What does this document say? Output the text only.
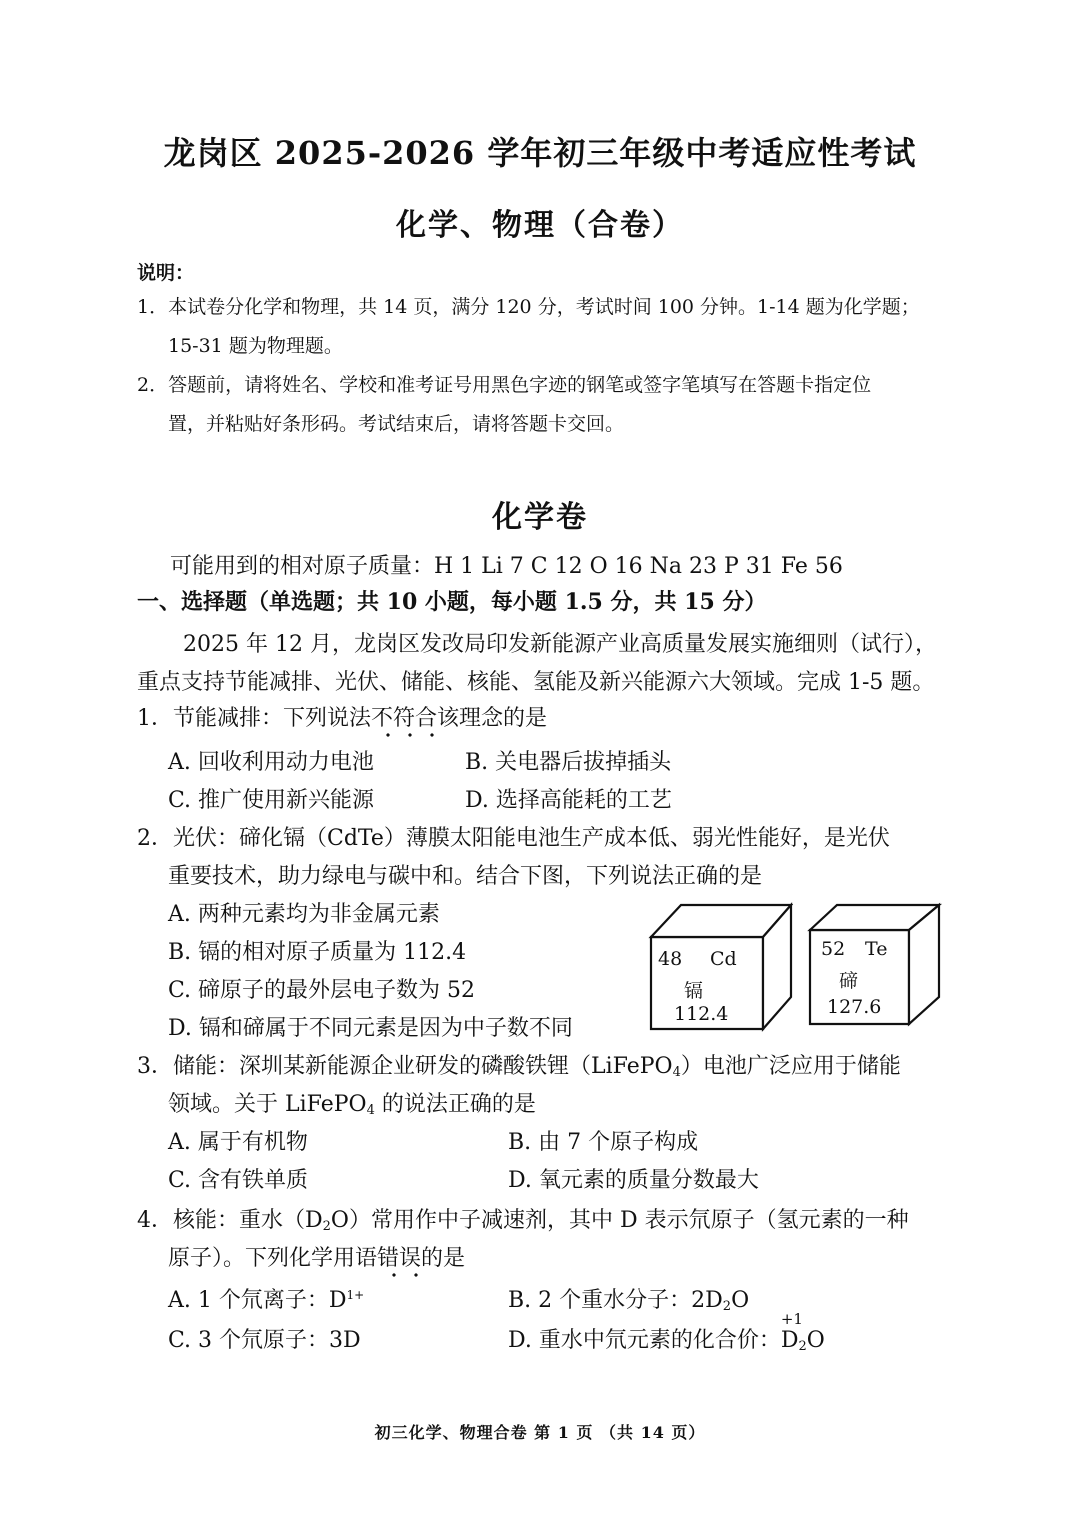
龙岗区 2025-2026 学年初三年级中考适应性考试
化学、物理（合卷）
说明：
1．本试卷分化学和物理，共 14 页，满分 120 分，考试时间 100 分钟。1-14 题为化学题；
15-31 题为物理题。
2．答题前，请将姓名、学校和准考证号用黑色字迹的钢笔或签字笔填写在答题卡指定位
置，并粘贴好条形码。考试结束后，请将答题卡交回。
化学卷
可能用到的相对原子质量：H 1 Li 7 C 12 O 16 Na 23 P 31 Fe 56
一、选择题（单选题；共 10 小题，每小题 1.5 分，共 15 分）
2025 年 12 月，龙岗区发改局印发新能源产业高质量发展实施细则（试行），
重点支持节能减排、光伏、储能、核能、氢能及新兴能源六大领域。完成 1-5 题。
1．节能减排：下列说法不符合该理念的是
A. 回收利用动力电池	B. 关电器后拔掉插头
C. 推广使用新兴能源	D. 选择高能耗的工艺
2．光伏：碲化镉（CdTe）薄膜太阳能电池生产成本低、弱光性能好，是光伏
重要技术，助力绿电与碳中和。结合下图，下列说法正确的是
A. 两种元素均为非金属元素
B. 镉的相对原子质量为 112.4
C. 碲原子的最外层电子数为 52
D. 镉和碲属于不同元素是因为中子数不同
48 Cd
镉
112.4
52 Te
碲
127.6
3．储能：深圳某新能源企业研发的磷酸铁锂（LiFePO$_4$）电池广泛应用于储能
领域。关于 LiFePO$_4$ 的说法正确的是
A. 属于有机物	B. 由 7 个原子构成
C. 含有铁单质	D. 氧元素的质量分数最大
4．核能：重水$(D_2O)$常用作中子减速剂，其中 D 表示氘原子（氢元素的一种
原子）。下列化学用语错误的是
A. 1 个氘离子：$D^{1+}$	B. 2 个重水分子：$2D_2O$
C. 3 个氘原子：3D	D. 重水中氘元素的化合价：
+1
$D_2O$
初三化学、物理合卷 第 1 页 （共 14 页）
